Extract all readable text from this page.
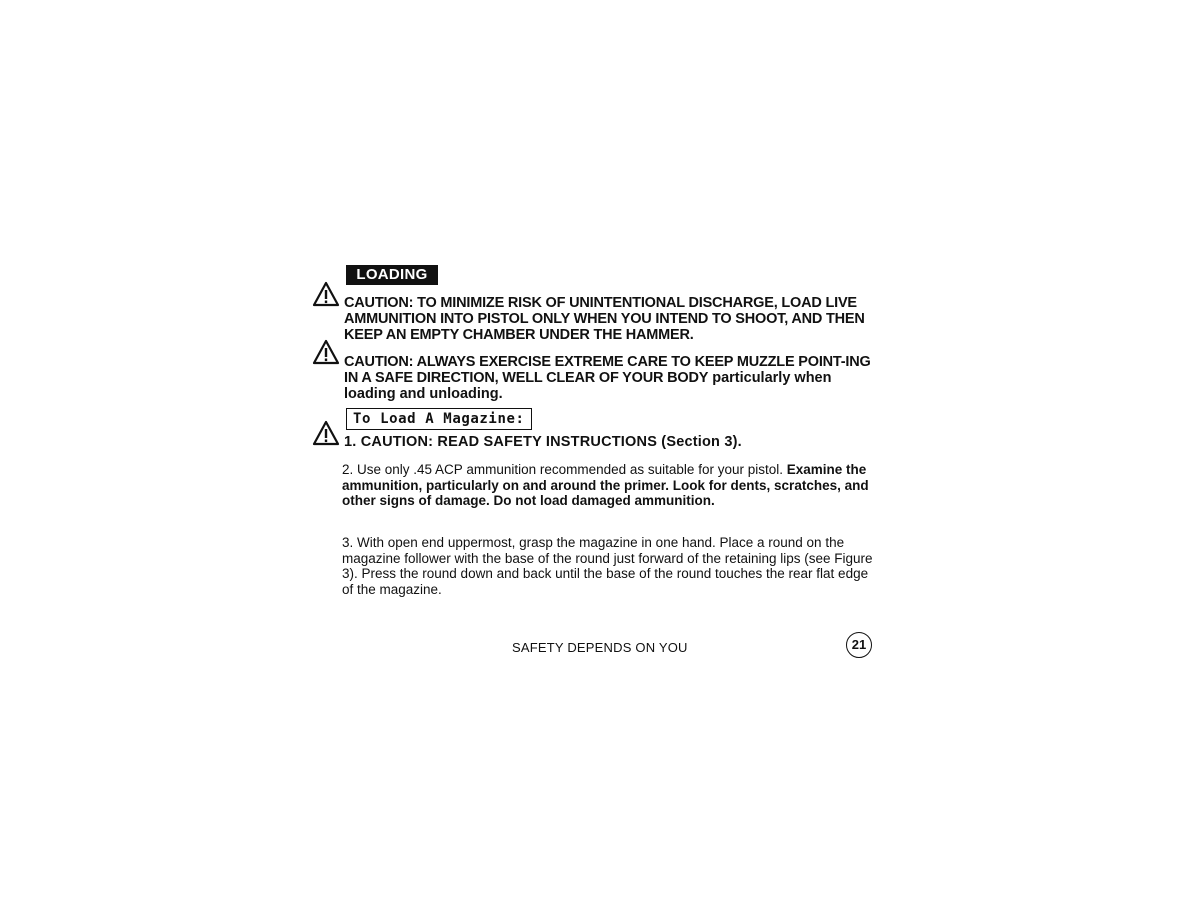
LOADING
CAUTION: TO MINIMIZE RISK OF UNINTENTIONAL DISCHARGE, LOAD LIVE AMMUNITION INTO PISTOL ONLY WHEN YOU INTEND TO SHOOT, AND THEN KEEP AN EMPTY CHAMBER UNDER THE HAMMER.
CAUTION: ALWAYS EXERCISE EXTREME CARE TO KEEP MUZZLE POINT-ING IN A SAFE DIRECTION, WELL CLEAR OF YOUR BODY particularly when loading and unloading.
To Load A Magazine:
1. CAUTION: READ SAFETY INSTRUCTIONS (Section 3).
2. Use only .45 ACP ammunition recommended as suitable for your pistol. Examine the ammunition, particularly on and around the primer. Look for dents, scratches, and other signs of damage. Do not load damaged ammunition.
3. With open end uppermost, grasp the magazine in one hand. Place a round on the magazine follower with the base of the round just forward of the retaining lips (see Figure 3). Press the round down and back until the base of the round touches the rear flat edge of the magazine.
SAFETY DEPENDS ON YOU	21
